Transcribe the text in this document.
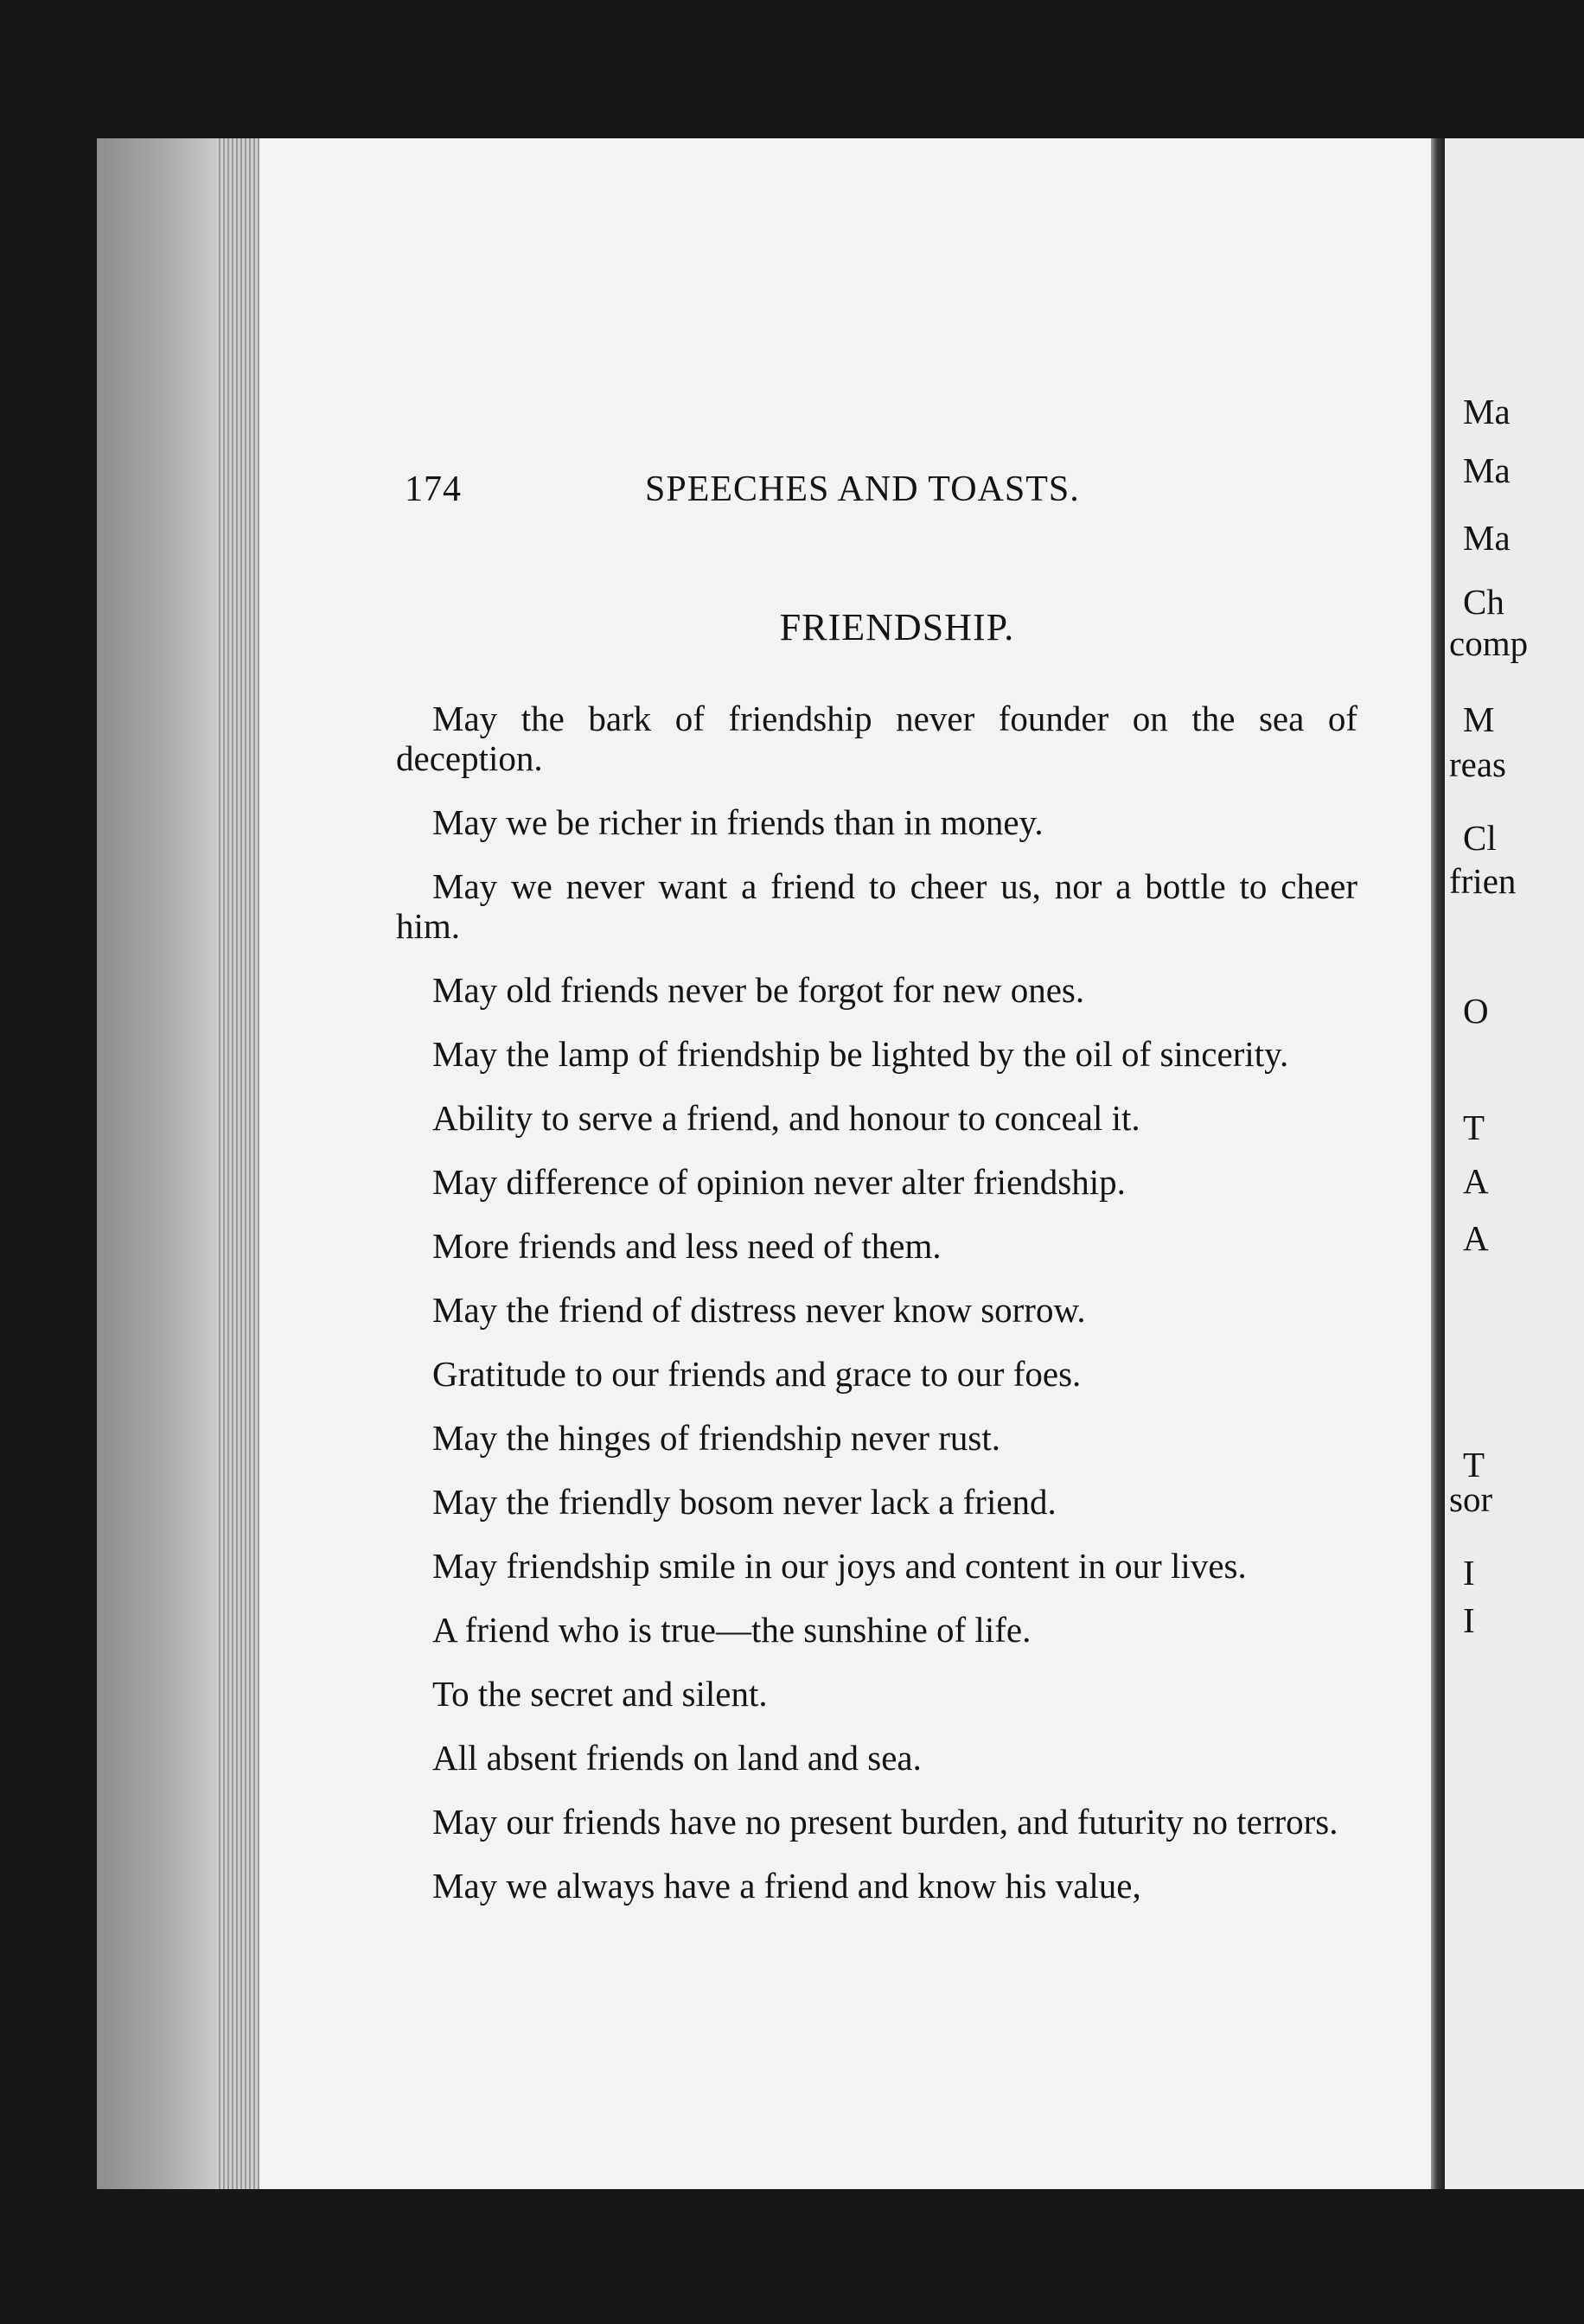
174	SPEECHES AND TOASTS.
FRIENDSHIP.

May the bark of friendship never founder on the sea of deception.

May we be richer in friends than in money.

May we never want a friend to cheer us, nor a bottle to cheer him.

May old friends never be forgot for new ones.

May the lamp of friendship be lighted by the oil of sincerity.

Ability to serve a friend, and honour to conceal it.

May difference of opinion never alter friendship.

More friends and less need of them.

May the friend of distress never know sorrow.

Gratitude to our friends and grace to our foes.

May the hinges of friendship never rust.

May the friendly bosom never lack a friend.

May friendship smile in our joys and content in our lives.

A friend who is true—the sunshine of life.

To the secret and silent.

All absent friends on land and sea.

May our friends have no present burden, and futurity no terrors.

May we always have a friend and know his value,

Ma
Ma
Ma
Ch
comp
M
reas
Cl
frien
O
T
A
A
T
sor
I
I
